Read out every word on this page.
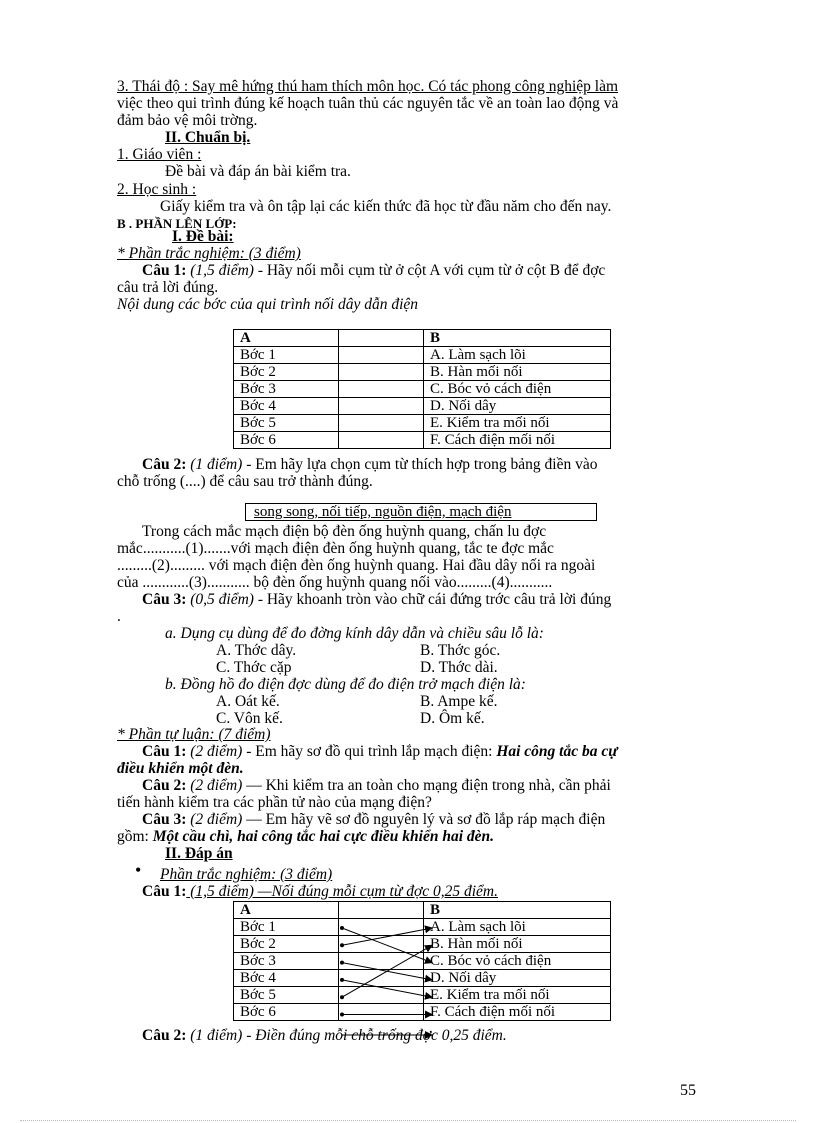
3. Thái độ : Say mê hứng thú ham thích môn học. Có tác phong công nghiệp làm
việc theo qui trình đúng kế hoạch tuân thủ các nguyên tắc về an toàn lao động và
đảm bảo vệ môi trờng.
II. Chuẩn bị.
1. Giáo viên :
Đề bài và đáp án bài kiểm tra.
2. Học sinh :
Giấy kiểm tra và ôn tập lại các kiến thức đã học từ đầu năm cho đến nay.
B . PHẦN LÊN LỚP:
I. Đề bài:
* Phần trắc nghiệm: (3 điểm)
Câu 1: (1,5 điểm) - Hãy nối mỗi cụm từ ở cột A với cụm từ ở cột B để đợc
câu trả lời đúng.
Nội dung các bớc của qui trình nối dây dẫn điện
A		B
Bớc 1		A. Làm sạch lõi
Bớc 2		B. Hàn mối nối
Bớc 3		C. Bóc vỏ cách điện
Bớc 4		D. Nối dây
Bớc 5		E. Kiểm tra mối nối
Bớc 6		F. Cách điện mối nối
Câu 2: (1 điểm) - Em hãy lựa chọn cụm từ thích hợp trong bảng điền vào
chỗ trống (....) để câu sau trở thành đúng.
song song, nối tiếp, nguồn điện, mạch điện
Trong cách mắc mạch điện bộ đèn ống huỳnh quang, chấn lu đợc
mắc...........(1).......với mạch điện đèn ống huỳnh quang, tắc te đợc mắc
.........(2)......... với mạch điện đèn ống huỳnh quang. Hai đầu dây nối ra ngoài
của ............(3)........... bộ đèn ống huỳnh quang nối vào.........(4)...........
Câu 3: (0,5 điểm) - Hãy khoanh tròn vào chữ cái đứng trớc câu trả lời đúng
.
a. Dụng cụ dùng để đo đờng kính dây dẫn và chiều sâu lỗ là:
A. Thớc dây.	B. Thớc góc.
C. Thớc cặp	D. Thớc dài.
b. Đồng hồ đo điện đợc dùng để đo điện trở mạch điện là:
A. Oát kế.	B. Ampe kế.
C. Vôn kế.	D. Ôm kế.
* Phần tự luận: (7 điểm)
Câu 1: (2 điểm) - Em hãy sơ đồ qui trình lắp mạch điện: Hai công tắc ba cự
điều khiển một đèn.
Câu 2: (2 điểm) — Khi kiểm tra an toàn cho mạng điện trong nhà, cần phải
tiến hành kiểm tra các phần tử nào của mạng điện?
Câu 3: (2 điểm) — Em hãy vẽ sơ đồ nguyên lý và sơ đồ lắp ráp mạch điện
gồm: Một cầu chì, hai công tắc hai cực điều khiển hai đèn.
II. Đáp án
• Phần trắc nghiệm: (3 điểm)
Câu 1: (1,5 điểm) —Nối đúng mỗi cụm từ đợc 0,25 điểm.
A		B
Bớc 1		A. Làm sạch lõi
Bớc 2		B. Hàn mối nối
Bớc 3		C. Bóc vỏ cách điện
Bớc 4		D. Nối dây
Bớc 5		E. Kiểm tra mối nối
Bớc 6		F. Cách điện mối nối
Câu 2: (1 điểm) - Điền đúng mỗi chỗ trống đợc 0,25 điểm.
55
